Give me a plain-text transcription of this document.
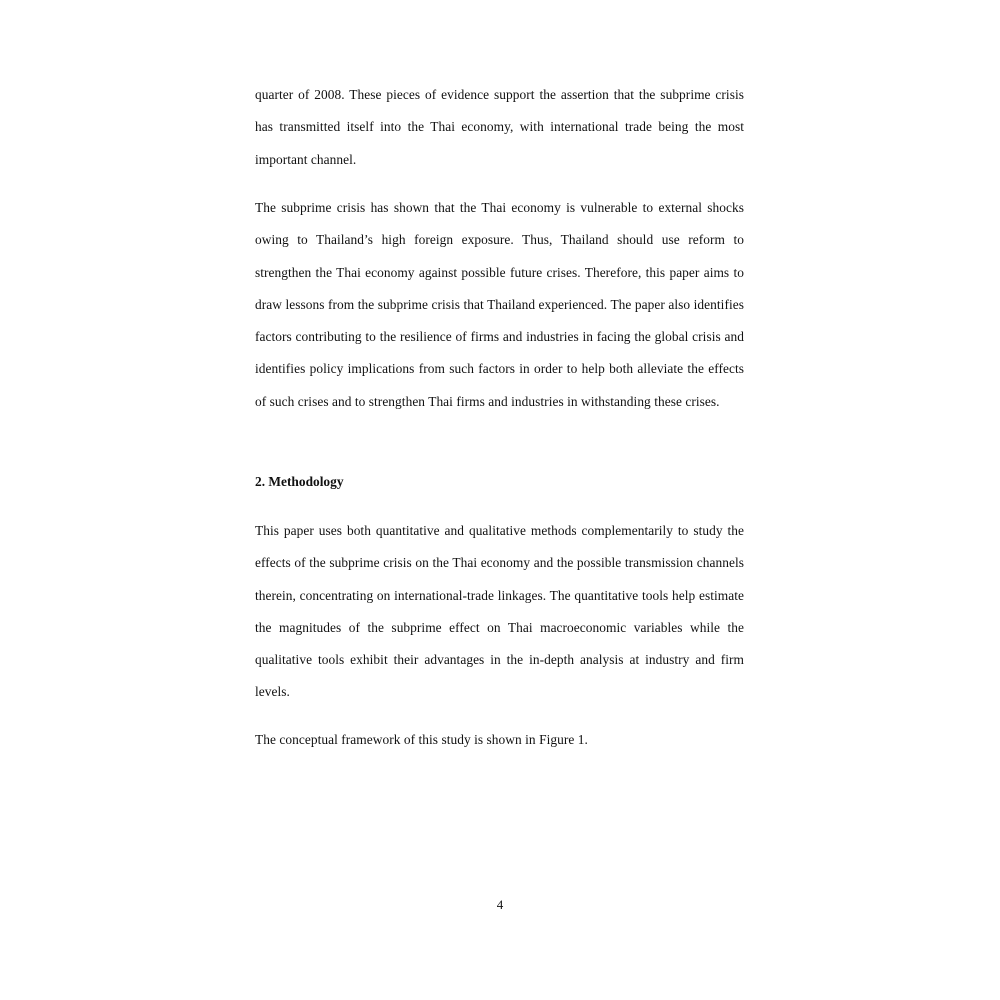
quarter of 2008. These pieces of evidence support the assertion that the subprime crisis has transmitted itself into the Thai economy, with international trade being the most important channel.

The subprime crisis has shown that the Thai economy is vulnerable to external shocks owing to Thailand’s high foreign exposure. Thus, Thailand should use reform to strengthen the Thai economy against possible future crises. Therefore, this paper aims to draw lessons from the subprime crisis that Thailand experienced. The paper also identifies factors contributing to the resilience of firms and industries in facing the global crisis and identifies policy implications from such factors in order to help both alleviate the effects of such crises and to strengthen Thai firms and industries in withstanding these crises.

2. Methodology

This paper uses both quantitative and qualitative methods complementarily to study the effects of the subprime crisis on the Thai economy and the possible transmission channels therein, concentrating on international-trade linkages. The quantitative tools help estimate the magnitudes of the subprime effect on Thai macroeconomic variables while the qualitative tools exhibit their advantages in the in-depth analysis at industry and firm levels.

The conceptual framework of this study is shown in Figure 1.

4
